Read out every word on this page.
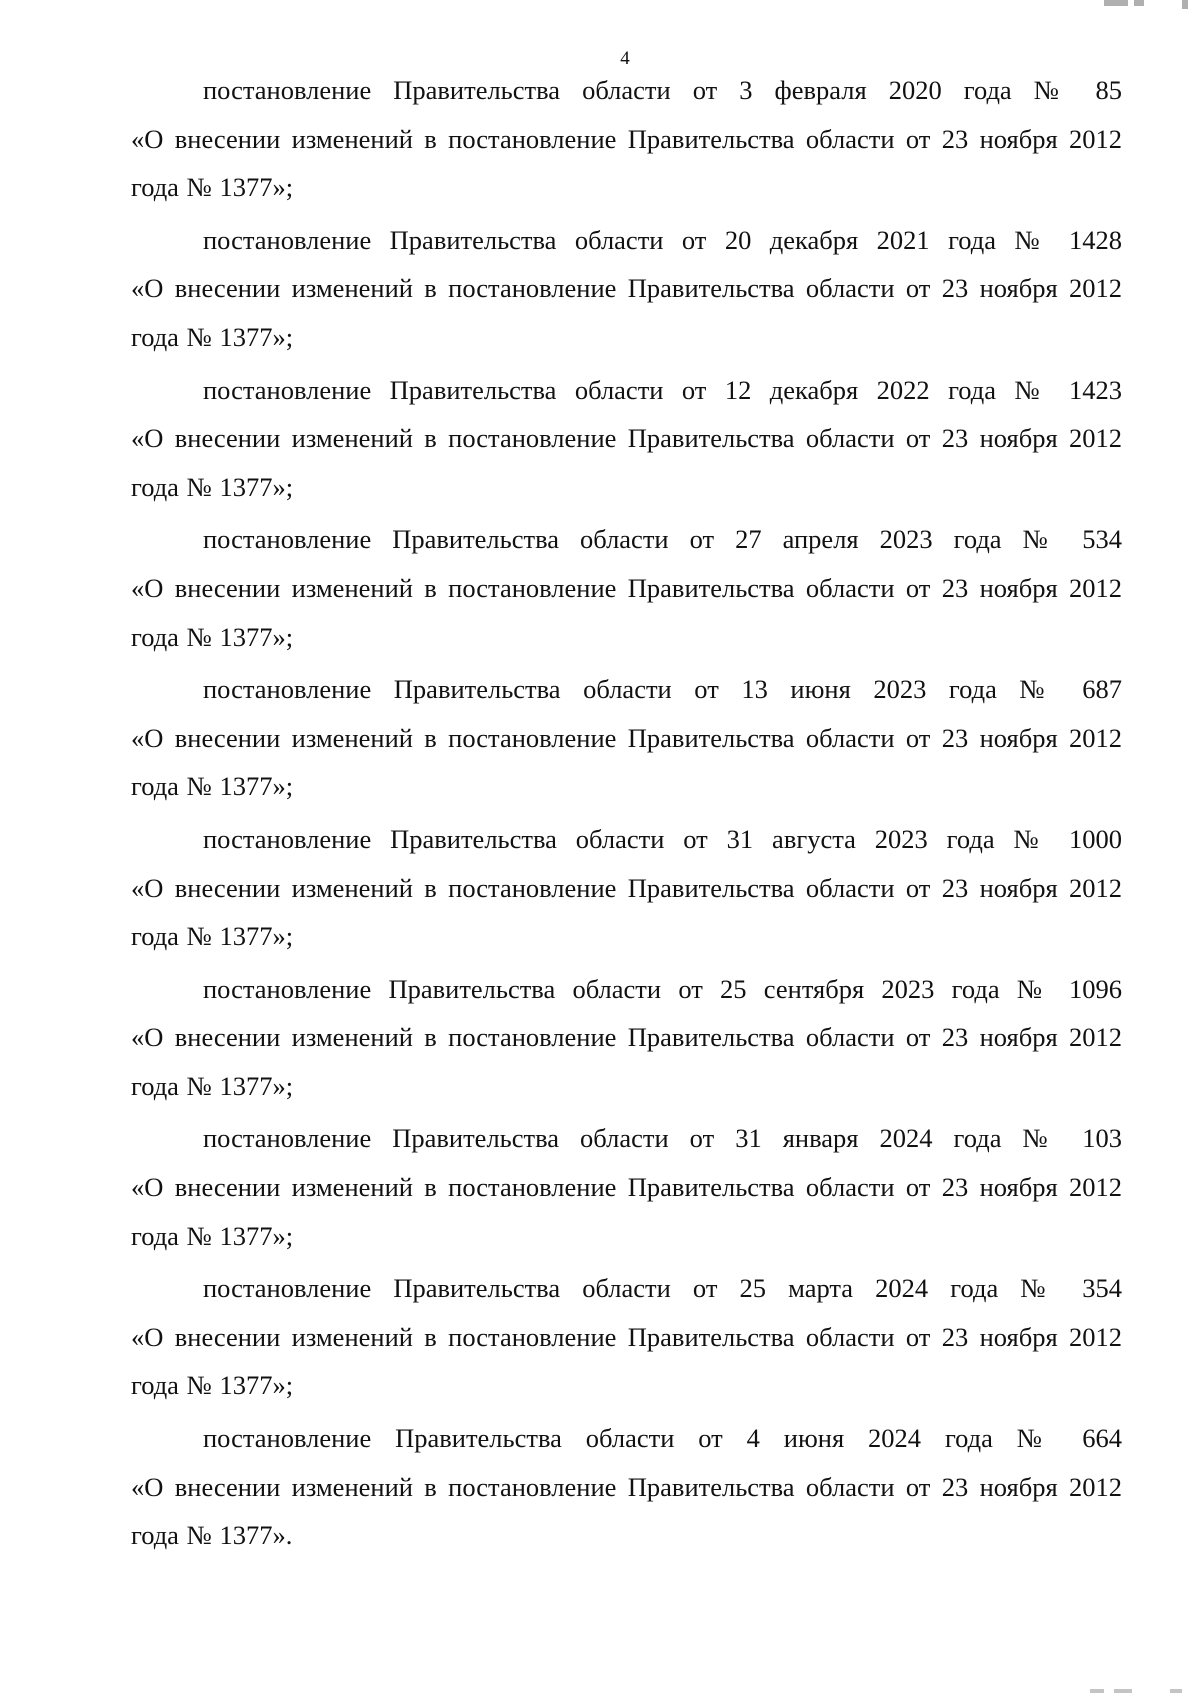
4

постановление Правительства области от 3 февраля 2020 года № 85
«О внесении изменений в постановление Правительства области от 23 ноября 2012 года № 1377»;

постановление Правительства области от 20 декабря 2021 года № 1428
«О внесении изменений в постановление Правительства области от 23 ноября 2012 года № 1377»;

постановление Правительства области от 12 декабря 2022 года № 1423
«О внесении изменений в постановление Правительства области от 23 ноября 2012 года № 1377»;

постановление Правительства области от 27 апреля 2023 года № 534
«О внесении изменений в постановление Правительства области от 23 ноября 2012 года № 1377»;

постановление Правительства области от 13 июня 2023 года № 687
«О внесении изменений в постановление Правительства области от 23 ноября 2012 года № 1377»;

постановление Правительства области от 31 августа 2023 года № 1000
«О внесении изменений в постановление Правительства области от 23 ноября 2012 года № 1377»;

постановление Правительства области от 25 сентября 2023 года № 1096
«О внесении изменений в постановление Правительства области от 23 ноября 2012 года № 1377»;

постановление Правительства области от 31 января 2024 года № 103
«О внесении изменений в постановление Правительства области от 23 ноября 2012 года № 1377»;

постановление Правительства области от 25 марта 2024 года № 354
«О внесении изменений в постановление Правительства области от 23 ноября 2012 года № 1377»;

постановление Правительства области от 4 июня 2024 года № 664
«О внесении изменений в постановление Правительства области от 23 ноября 2012 года № 1377».
